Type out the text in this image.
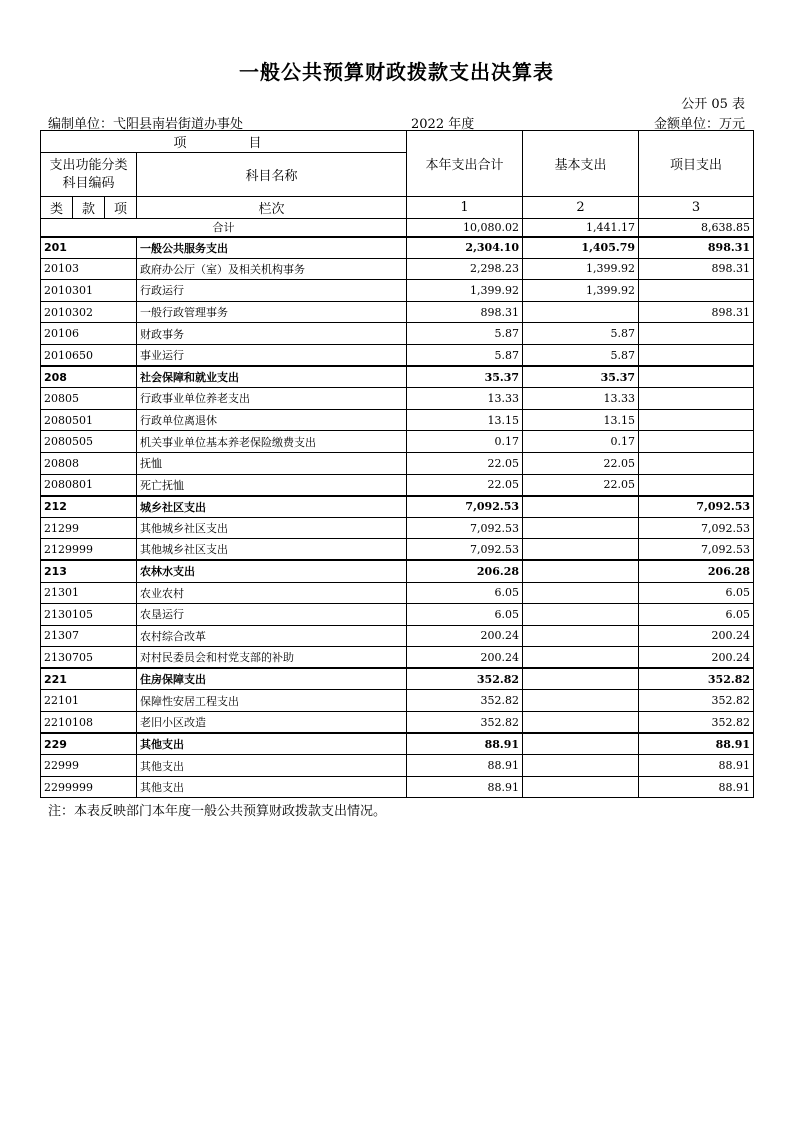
一般公共预算财政拨款支出决算表
公开 05 表
编制单位：弋阳县南岩街道办事处	2022 年度	金额单位：万元
项　　目				本年支出合计	基本支出	项目支出
支出功能分类科目编码			科目名称			

类	款	项				
			栏次	1	2	3
合计				10,080.02	1,441.17	8,638.85
201			一般公共服务支出	2,304.10	1,405.79	898.31
20103			政府办公厅（室）及相关机构事务	2,298.23	1,399.92	898.31
2010301			行政运行	1,399.92	1,399.92	
2010302			一般行政管理事务	898.31		898.31
20106			财政事务	5.87	5.87	
2010650			事业运行	5.87	5.87	
208			社会保障和就业支出	35.37	35.37	
20805			行政事业单位养老支出	13.33	13.33	
2080501			行政单位离退休	13.15	13.15	
2080505			机关事业单位基本养老保险缴费支出	0.17	0.17	
20808			抚恤	22.05	22.05	
2080801			死亡抚恤	22.05	22.05	
212			城乡社区支出	7,092.53		7,092.53
21299			其他城乡社区支出	7,092.53		7,092.53
2129999			其他城乡社区支出	7,092.53		7,092.53
213			农林水支出	206.28		206.28
21301			农业农村	6.05		6.05
2130105			农垦运行	6.05		6.05
21307			农村综合改革	200.24		200.24
2130705			对村民委员会和村党支部的补助	200.24		200.24
221			住房保障支出	352.82		352.82
22101			保障性安居工程支出	352.82		352.82
2210108			老旧小区改造	352.82		352.82
229			其他支出	88.91		88.91
22999			其他支出	88.91		88.91
2299999			其他支出	88.91		88.91
注：本表反映部门本年度一般公共预算财政拨款支出情况。
